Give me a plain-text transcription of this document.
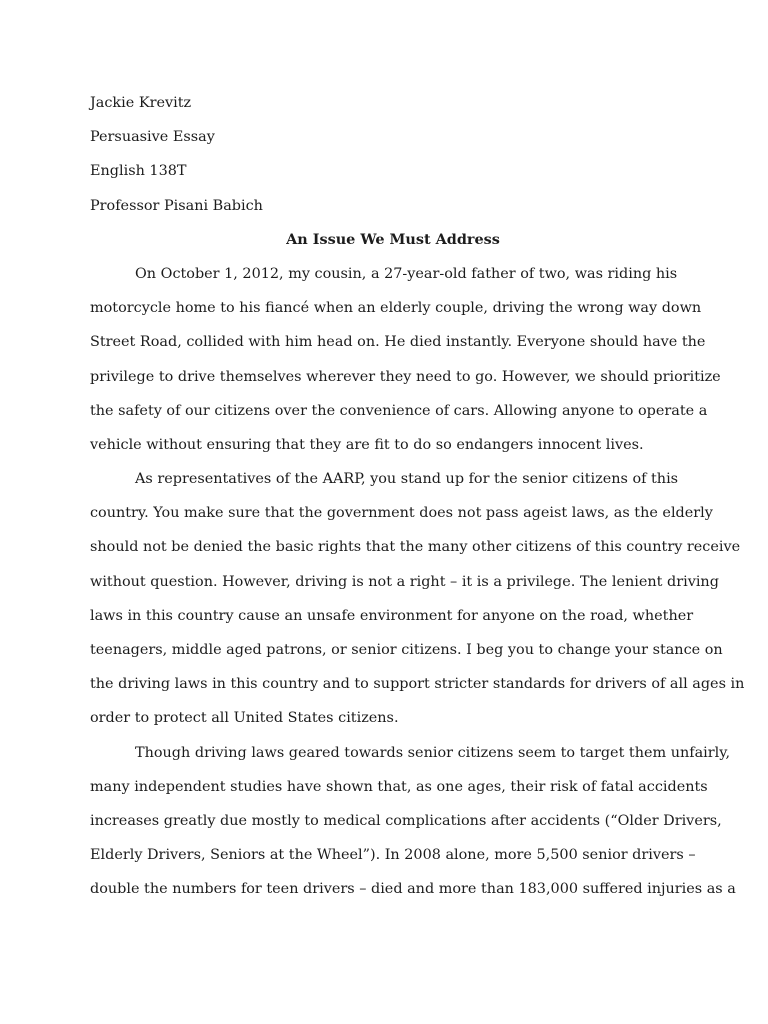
Jackie Krevitz
Persuasive Essay
English 138T
Professor Pisani Babich
An Issue We Must Address
On October 1, 2012, my cousin, a 27-year-old father of two, was riding his
motorcycle home to his fiancé when an elderly couple, driving the wrong way down
Street Road, collided with him head on. He died instantly. Everyone should have the
privilege to drive themselves wherever they need to go. However, we should prioritize
the safety of our citizens over the convenience of cars. Allowing anyone to operate a
vehicle without ensuring that they are fit to do so endangers innocent lives.
As representatives of the AARP, you stand up for the senior citizens of this
country. You make sure that the government does not pass ageist laws, as the elderly
should not be denied the basic rights that the many other citizens of this country receive
without question. However, driving is not a right – it is a privilege. The lenient driving
laws in this country cause an unsafe environment for anyone on the road, whether
teenagers, middle aged patrons, or senior citizens. I beg you to change your stance on
the driving laws in this country and to support stricter standards for drivers of all ages in
order to protect all United States citizens.
Though driving laws geared towards senior citizens seem to target them unfairly,
many independent studies have shown that, as one ages, their risk of fatal accidents
increases greatly due mostly to medical complications after accidents (“Older Drivers,
Elderly Drivers, Seniors at the Wheel”). In 2008 alone, more 5,500 senior drivers –
double the numbers for teen drivers – died and more than 183,000 suffered injuries as a
